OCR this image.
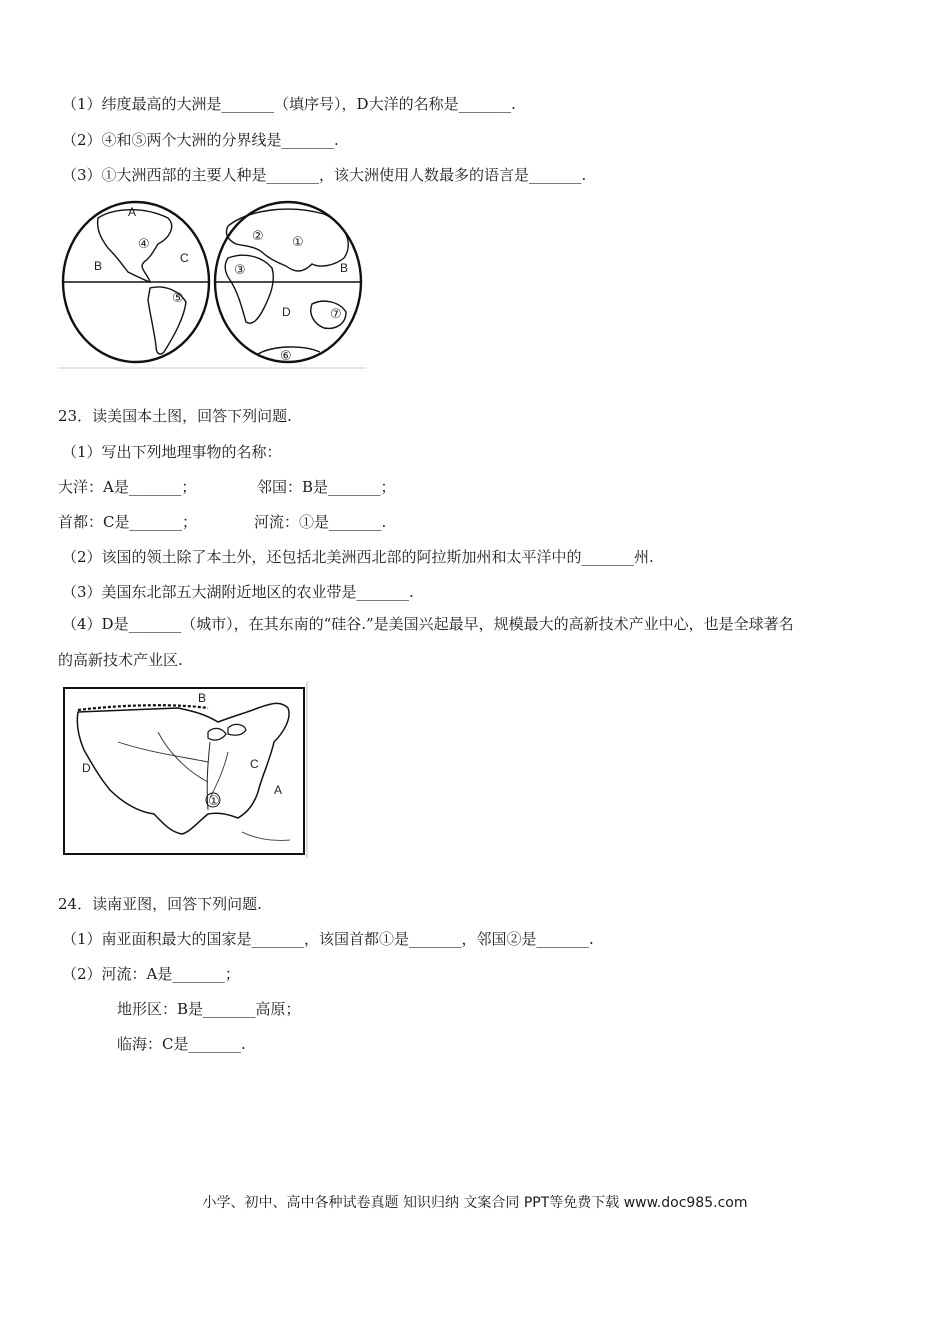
（1）纬度最高的大洲是_______（填序号），D大洋的名称是_______.
（2）④和⑤两个大洲的分界线是_______.
（3）①大洲西部的主要人种是_______，该大洲使用人数最多的语言是_______.
A
B
C
B
D
④
⑤
② ①
③
⑦
⑥
23．读美国本土图，回答下列问题.
（1）写出下列地理事物的名称：
大洋：A是_______；	邻国：B是_______；
首都：C是_______；	河流：①是_______.
（2）该国的领土除了本土外，还包括北美洲西北部的阿拉斯加州和太平洋中的_______州.
（3）美国东北部五大湖附近地区的农业带是_______.
（4）D是_______（城市），在其东南的“硅谷.”是美国兴起最早，规模最大的高新技术产业中心，也是全球著名
的高新技术产业区.
B
C
D
A
①
24．读南亚图，回答下列问题.
（1）南亚面积最大的国家是_______，该国首都①是_______，邻国②是_______.
（2）河流：A是_______；
地形区：B是_______高原；
临海：C是_______.
小学、初中、高中各种试卷真题 知识归纳 文案合同 PPT等免费下载 www.doc985.com
